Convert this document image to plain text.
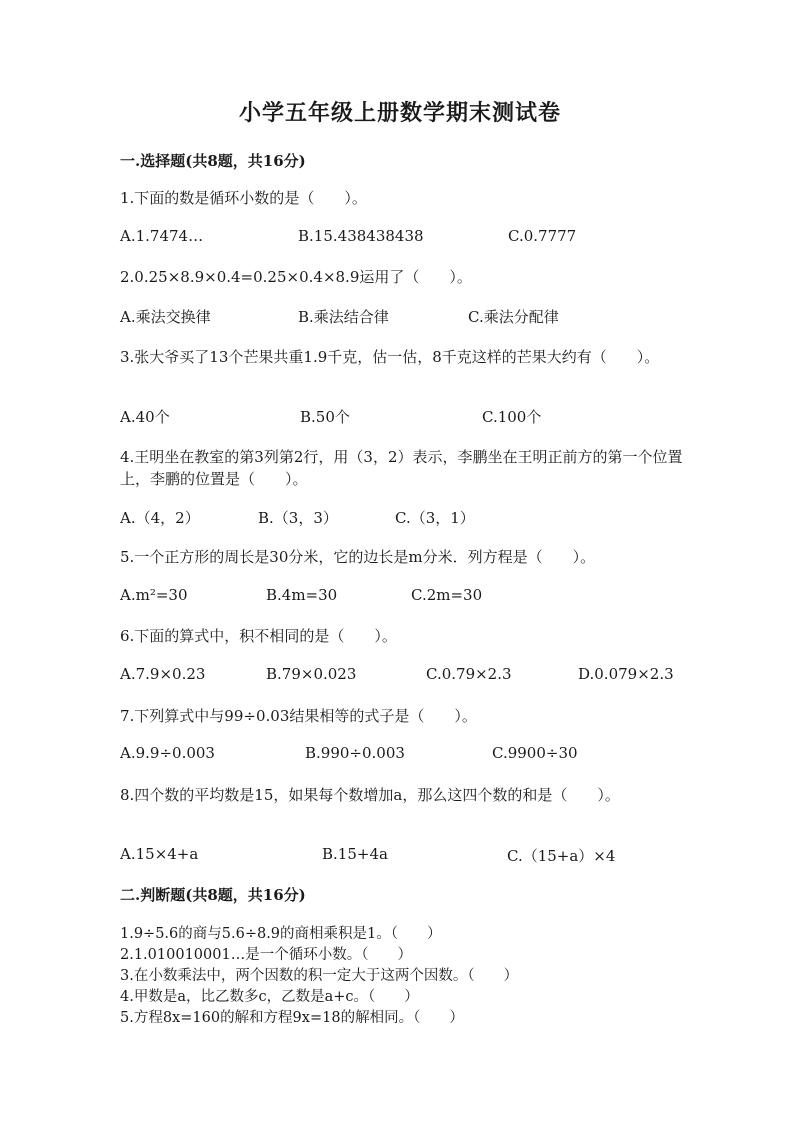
小学五年级上册数学期末测试卷
一.选择题(共8题，共16分)
1.下面的数是循环小数的是（　　）。
A.1.7474…	B.15.438438438	C.0.7777
2.0.25×8.9×0.4=0.25×0.4×8.9运用了（　　）。
A.乘法交换律	B.乘法结合律	C.乘法分配律
3.张大爷买了13个芒果共重1.9千克，估一估，8千克这样的芒果大约有（　　）。
A.40个	B.50个	C.100个
4.王明坐在教室的第3列第2行，用（3，2）表示，李鹏坐在王明正前方的第一个位置上，李鹏的位置是（　　）。
A.（4，2）	B.（3，3）	C.（3，1）
5.一个正方形的周长是30分米，它的边长是m分米．列方程是（　　）。
A.m²=30	B.4m=30	C.2m=30
6.下面的算式中，积不相同的是（　　）。
A.7.9×0.23	B.79×0.023	C.0.79×2.3	D.0.079×2.3
7.下列算式中与99÷0.03结果相等的式子是（　　）。
A.9.9÷0.003	B.990÷0.003	C.9900÷30
8.四个数的平均数是15，如果每个数增加a，那么这四个数的和是（　　）。
A.15×4+a	B.15+4a	C.（15+a）×4
二.判断题(共8题，共16分)
1.9÷5.6的商与5.6÷8.9的商相乘积是1。（　　）
2.1.010010001…是一个循环小数。（　　）
3.在小数乘法中，两个因数的积一定大于这两个因数。（　　）
4.甲数是a，比乙数多c，乙数是a+c。（　　）
5.方程8x=160的解和方程9x=18的解相同。（　　）
